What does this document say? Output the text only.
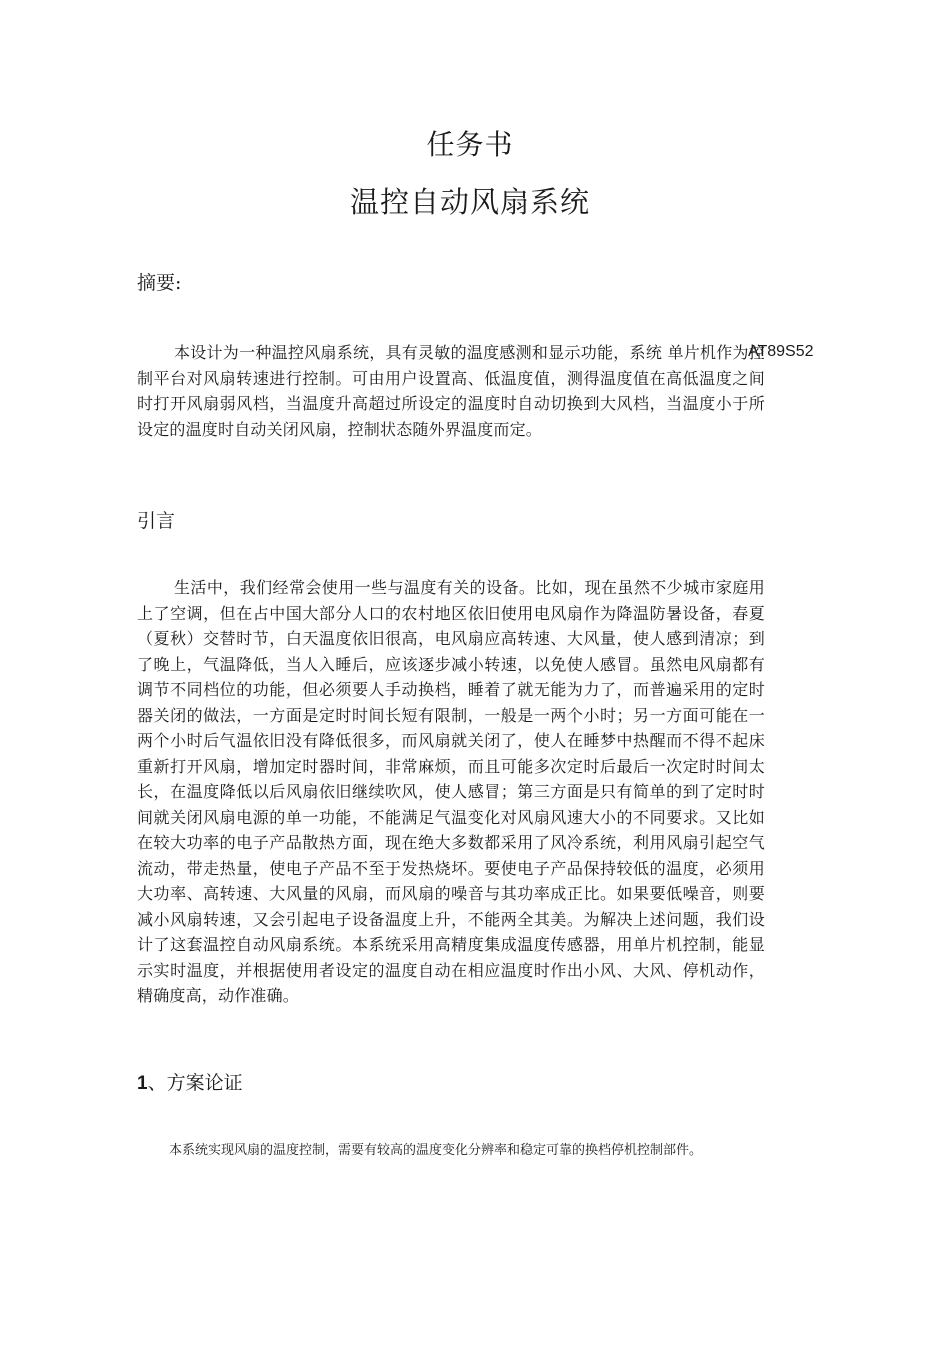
任务书
温控自动风扇系统
摘要:

本设计为一种温控风扇系统，具有灵敏的温度感测和显示功能，系统 单片机作为控制平台对风扇转速进行控制。可由用户设置高、低温度值，测得温度值在高低温度之间时打开风扇弱风档，当温度升高超过所设定的温度时自动切换到大风档，当温度小于所设定的温度时自动关闭风扇，控制状态随外界温度而定。

AT89S52
引言

生活中，我们经常会使用一些与温度有关的设备。比如，现在虽然不少城市家庭用上了空调，但在占中国大部分人口的农村地区依旧使用电风扇作为降温防暑设备，春夏（夏秋）交替时节，白天温度依旧很高，电风扇应高转速、大风量，使人感到清凉；到了晚上，气温降低，当人入睡后，应该逐步减小转速，以免使人感冒。虽然电风扇都有调节不同档位的功能，但必须要人手动换档，睡着了就无能为力了，而普遍采用的定时器关闭的做法，一方面是定时时间长短有限制，一般是一两个小时；另一方面可能在一两个小时后气温依旧没有降低很多，而风扇就关闭了，使人在睡梦中热醒而不得不起床重新打开风扇，增加定时器时间，非常麻烦，而且可能多次定时后最后一次定时时间太长，在温度降低以后风扇依旧继续吹风，使人感冒；第三方面是只有简单的到了定时时间就关闭风扇电源的单一功能，不能满足气温变化对风扇风速大小的不同要求。又比如在较大功率的电子产品散热方面，现在绝大多数都采用了风冷系统，利用风扇引起空气流动，带走热量，使电子产品不至于发热烧坏。要使电子产品保持较低的温度，必须用大功率、高转速、大风量的风扇，而风扇的噪音与其功率成正比。如果要低噪音，则要减小风扇转速，又会引起电子设备温度上升，不能两全其美。为解决上述问题，我们设计了这套温控自动风扇系统。本系统采用高精度集成温度传感器，用单片机控制，能显示实时温度，并根据使用者设定的温度自动在相应温度时作出小风、大风、停机动作，精确度高，动作准确。

1、方案论证

本系统实现风扇的温度控制，需要有较高的温度变化分辨率和稳定可靠的换档停机控制部件。
